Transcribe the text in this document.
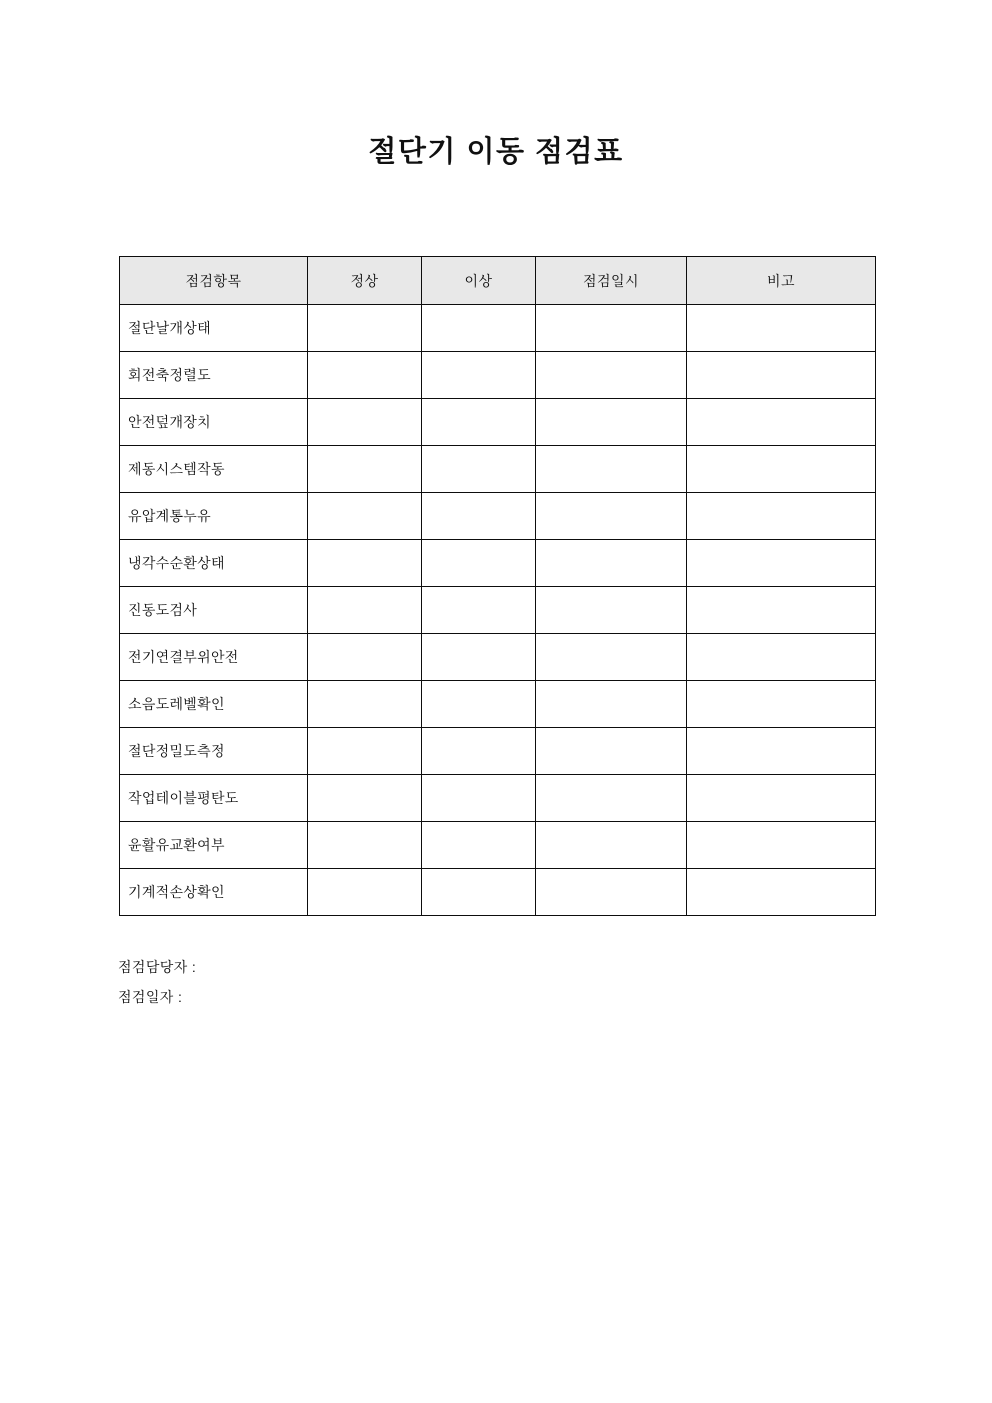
절단기 이동 점검표
점검항목	정상	이상	점검일시	비고
절단날개상태				
회전축정렬도				
안전덮개장치				
제동시스템작동				
유압계통누유				
냉각수순환상태				
진동도검사				
전기연결부위안전				
소음도레벨확인				
절단정밀도측정				
작업테이블평탄도				
윤활유교환여부				
기계적손상확인				
점검담당자 :
점검일자 :
